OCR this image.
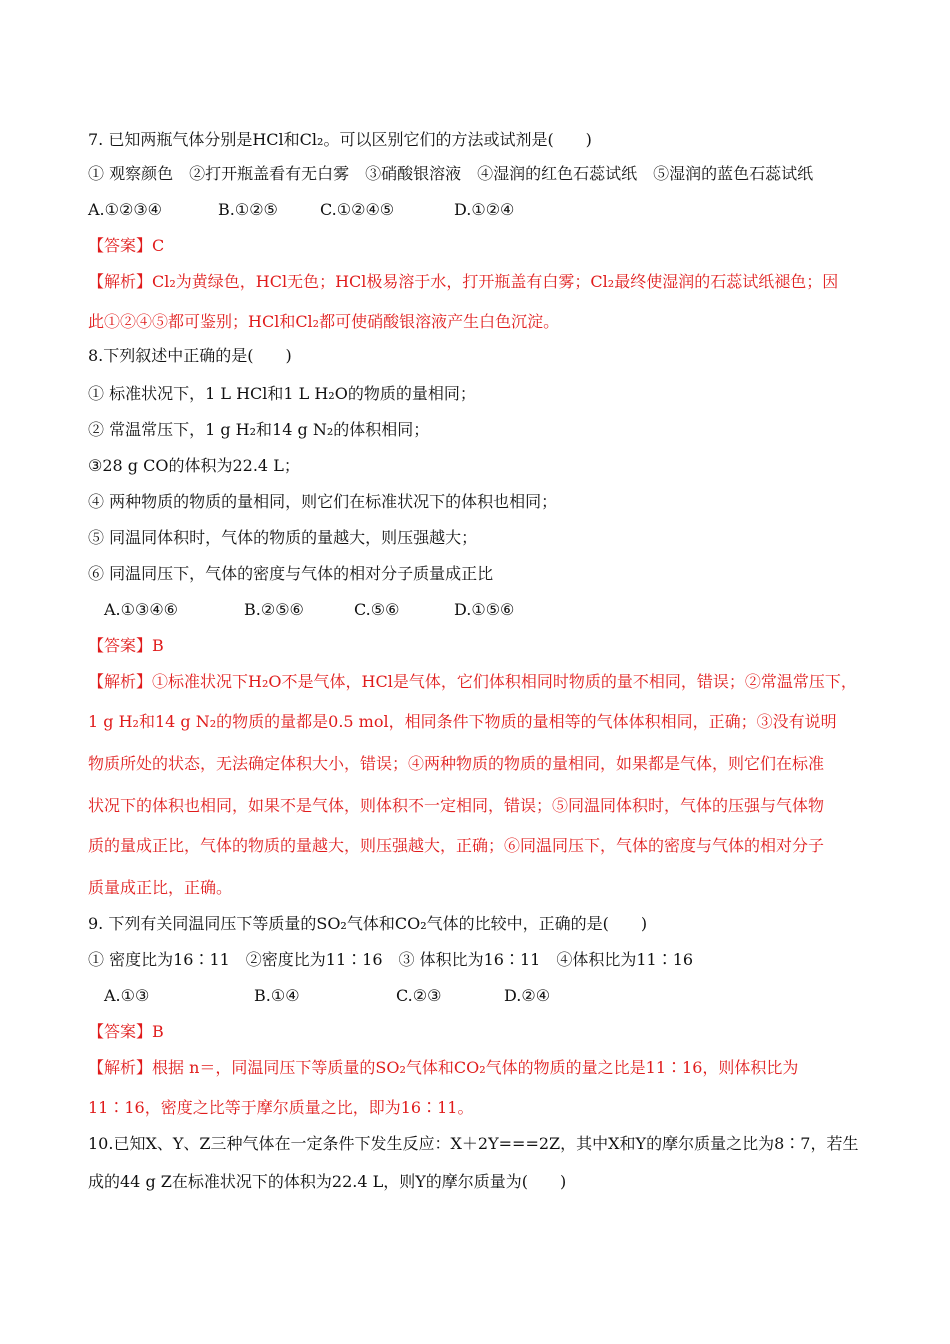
7. 已知两瓶气体分别是HCl和Cl₂。可以区别它们的方法或试剂是(　　)
① 观察颜色　②打开瓶盖看有无白雾　③硝酸银溶液　④湿润的红色石蕊试纸　⑤湿润的蓝色石蕊试纸
A.①②③④	B.①②⑤	C.①②④⑤	D.①②④
【答案】C
【解析】Cl₂为黄绿色，HCl无色；HCl极易溶于水，打开瓶盖有白雾；Cl₂最终使湿润的石蕊试纸褪色；因
此①②④⑤都可鉴别；HCl和Cl₂都可使硝酸银溶液产生白色沉淀。
8.下列叙述中正确的是(　　)
① 标准状况下，1 L HCl和1 L H₂O的物质的量相同；
② 常温常压下，1 g H₂和14 g N₂的体积相同；
③28 g CO的体积为22.4 L；
④ 两种物质的物质的量相同，则它们在标准状况下的体积也相同；
⑤ 同温同体积时，气体的物质的量越大，则压强越大；
⑥ 同温同压下，气体的密度与气体的相对分子质量成正比
A.①③④⑥	B.②⑤⑥	C.⑤⑥	D.①⑤⑥
【答案】B
【解析】①标准状况下H₂O不是气体，HCl是气体，它们体积相同时物质的量不相同，错误；②常温常压下，
1 g H₂和14 g N₂的物质的量都是0.5 mol，相同条件下物质的量相等的气体体积相同，正确；③没有说明
物质所处的状态，无法确定体积大小，错误；④两种物质的物质的量相同，如果都是气体，则它们在标准
状况下的体积也相同，如果不是气体，则体积不一定相同，错误；⑤同温同体积时，气体的压强与气体物
质的量成正比，气体的物质的量越大，则压强越大，正确；⑥同温同压下，气体的密度与气体的相对分子
质量成正比，正确。
9. 下列有关同温同压下等质量的SO₂气体和CO₂气体的比较中，正确的是(　　)
① 密度比为16∶11　②密度比为11∶16　③ 体积比为16∶11　④体积比为11∶16
A.①③	B.①④	C.②③	D.②④
【答案】B
【解析】根据 n＝，同温同压下等质量的SO₂气体和CO₂气体的物质的量之比是11∶16，则体积比为
11∶16，密度之比等于摩尔质量之比，即为16∶11。
10.已知X、Y、Z三种气体在一定条件下发生反应：X＋2Y===2Z，其中X和Y的摩尔质量之比为8∶7，若生
成的44 g Z在标准状况下的体积为22.4 L，则Y的摩尔质量为(　　)
